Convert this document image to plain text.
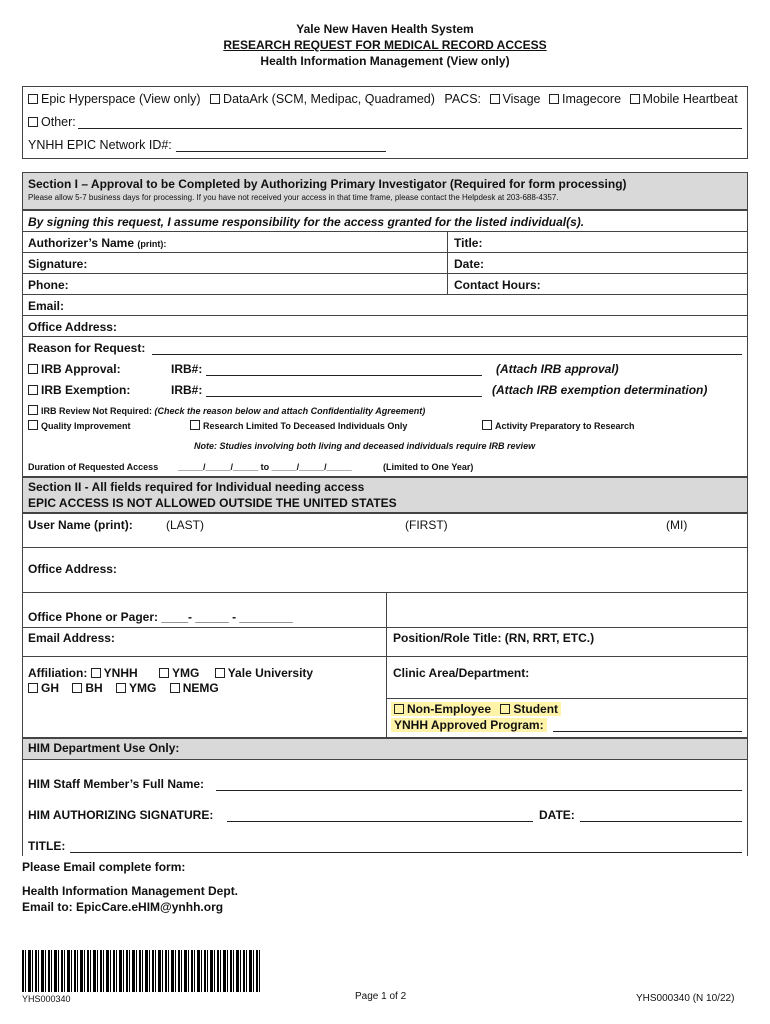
Yale New Haven Health System
RESEARCH REQUEST FOR MEDICAL RECORD ACCESS
Health Information Management (View only)
Epic Hyperspace (View only) DataArk (SCM, Medipac, Quadramed) PACS: Visage Imagecore Mobile Heartbeat
Other:
YNHH EPIC Network ID#:
Section I – Approval to be Completed by Authorizing Primary Investigator (Required for form processing)
Please allow 5-7 business days for processing. If you have not received your access in that time frame, please contact the Helpdesk at 203-688-4357.
By signing this request, I assume responsibility for the access granted for the listed individual(s).
Authorizer’s Name (print):	Title:
Signature:	Date:
Phone:	Contact Hours:
Email:
Office Address:
Reason for Request:
IRB Approval:	IRB#:	(Attach IRB approval)
IRB Exemption:	IRB#:	(Attach IRB exemption determination)
IRB Review Not Required: (Check the reason below and attach Confidentiality Agreement)
Quality Improvement	Research Limited To Deceased Individuals Only	Activity Preparatory to Research
Note: Studies involving both living and deceased individuals require IRB review
Duration of Requested Access _____/_____/_____ to _____/_____/_____	(Limited to One Year)
Section II - All fields required for Individual needing access
EPIC ACCESS IS NOT ALLOWED OUTSIDE THE UNITED STATES
User Name (print):	(LAST)	(FIRST)	(MI)
Office Address:
Office Phone or Pager: ____- _____ - ________
Email Address:	Position/Role Title: (RN, RRT, ETC.)
Affiliation: YNHH	YMG Yale University
GH BH YMG NEMG
Clinic Area/Department:
Non-Employee Student
YNHH Approved Program:
HIM Department Use Only:
HIM Staff Member’s Full Name:
HIM AUTHORIZING SIGNATURE:	DATE:
TITLE:
Please Email complete form:
Health Information Management Dept.
Email to: EpicCare.eHIM@ynhh.org
YHS000340	Page 1 of 2	YHS000340 (N 10/22)
